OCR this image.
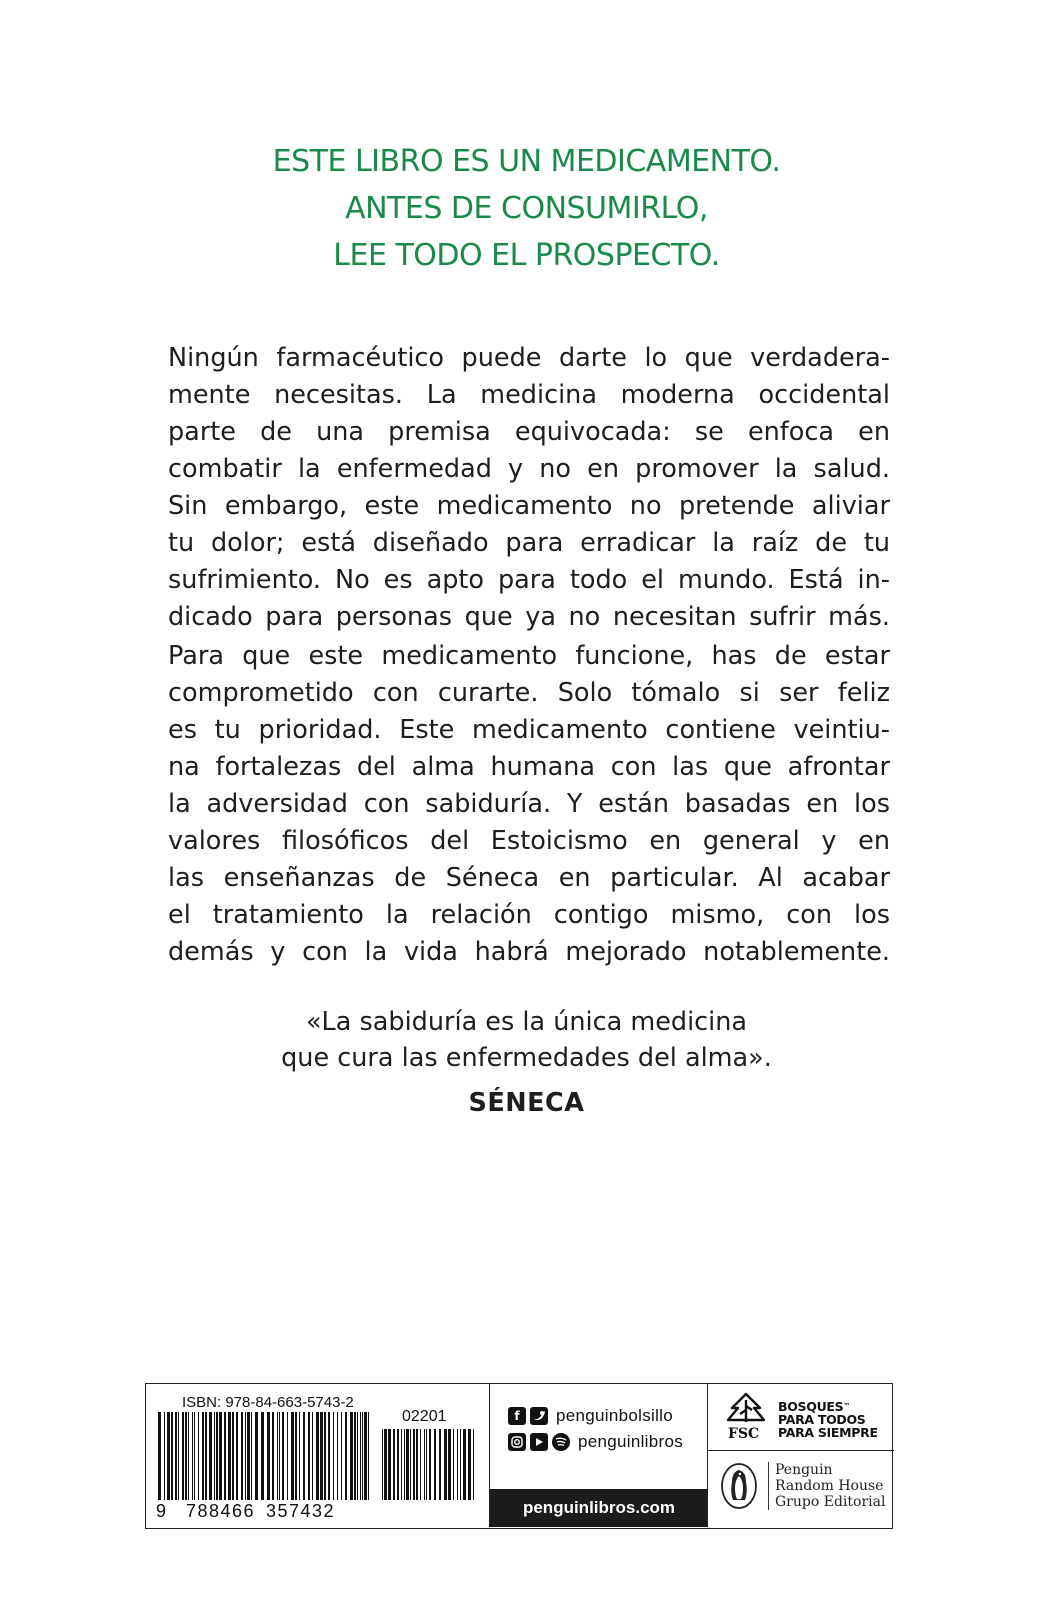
ESTE LIBRO ES UN MEDICAMENTO.
ANTES DE CONSUMIRLO,
LEE TODO EL PROSPECTO.
Ningún farmacéutico puede darte lo que verdadera-
mente necesitas. La medicina moderna occidental
parte de una premisa equivocada: se enfoca en
combatir la enfermedad y no en promover la salud.
Sin embargo, este medicamento no pretende aliviar
tu dolor; está diseñado para erradicar la raíz de tu
sufrimiento. No es apto para todo el mundo. Está in-
dicado para personas que ya no necesitan sufrir más.
Para que este medicamento funcione, has de estar
comprometido con curarte. Solo tómalo si ser feliz
es tu prioridad. Este medicamento contiene veintiu-
na fortalezas del alma humana con las que afrontar
la adversidad con sabiduría. Y están basadas en los
valores filosóficos del Estoicismo en general y en
las enseñanzas de Séneca en particular. Al acabar
el tratamiento la relación contigo mismo, con los
demás y con la vida habrá mejorado notablemente.
«La sabiduría es la única medicina
que cura las enfermedades del alma».
SÉNECA
ISBN: 978-84-663-5743-2
02201
9 788466 357432
f	penguinbolsillo
penguinlibros
penguinlibros.com
FSC
BOSQUES™
PARA TODOS
PARA SIEMPRE
Penguin
Random House
Grupo Editorial
